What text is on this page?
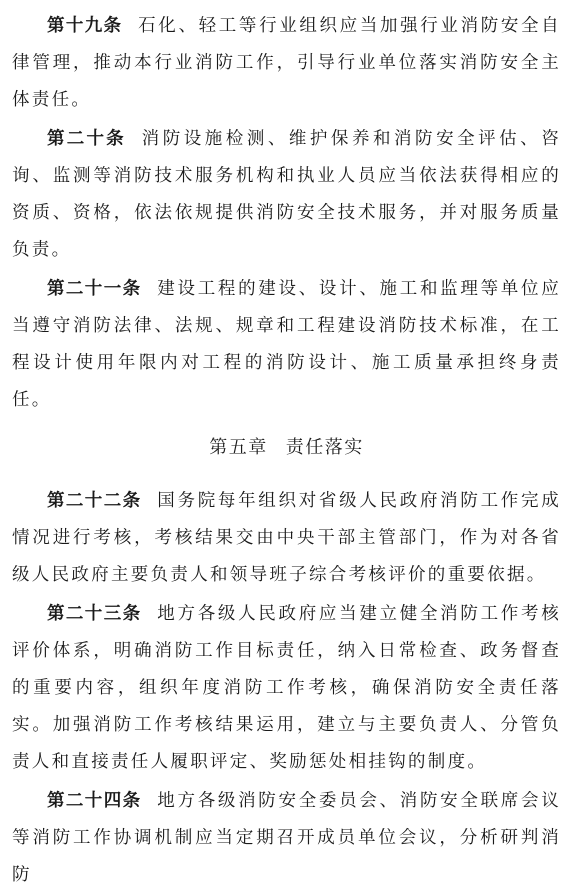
第十九条 石化、轻工等行业组织应当加强行业消防安全自律管理，推动本行业消防工作，引导行业单位落实消防安全主体责任。

第二十条 消防设施检测、维护保养和消防安全评估、咨询、监测等消防技术服务机构和执业人员应当依法获得相应的资质、资格，依法依规提供消防安全技术服务，并对服务质量负责。

第二十一条 建设工程的建设、设计、施工和监理等单位应当遵守消防法律、法规、规章和工程建设消防技术标准，在工程设计使用年限内对工程的消防设计、施工质量承担终身责任。

第五章 责任落实

第二十二条 国务院每年组织对省级人民政府消防工作完成情况进行考核，考核结果交由中央干部主管部门，作为对各省级人民政府主要负责人和领导班子综合考核评价的重要依据。

第二十三条 地方各级人民政府应当建立健全消防工作考核评价体系，明确消防工作目标责任，纳入日常检查、政务督查的重要内容，组织年度消防工作考核，确保消防安全责任落实。加强消防工作考核结果运用，建立与主要负责人、分管负责人和直接责任人履职评定、奖励惩处相挂钩的制度。

第二十四条 地方各级消防安全委员会、消防安全联席会议等消防工作协调机制应当定期召开成员单位会议，分析研判消防
